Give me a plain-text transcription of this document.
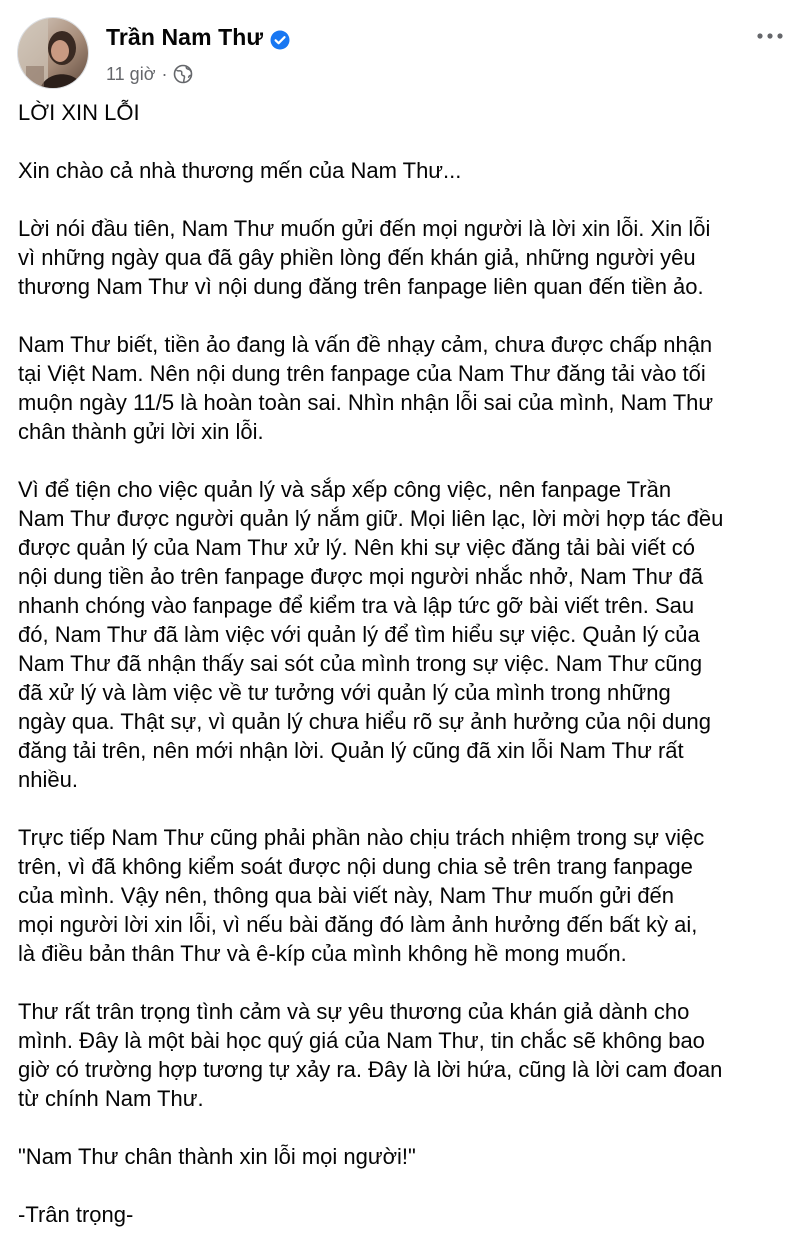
Trần Nam Thư
11 giờ ·

LỜI XIN LỖI

Xin chào cả nhà thương mến của Nam Thư...

Lời nói đầu tiên, Nam Thư muốn gửi đến mọi người là lời xin lỗi. Xin lỗi
vì những ngày qua đã gây phiền lòng đến khán giả, những người yêu
thương Nam Thư vì nội dung đăng trên fanpage liên quan đến tiền ảo.

Nam Thư biết, tiền ảo đang là vấn đề nhạy cảm, chưa được chấp nhận
tại Việt Nam. Nên nội dung trên fanpage của Nam Thư đăng tải vào tối
muộn ngày 11/5 là hoàn toàn sai. Nhìn nhận lỗi sai của mình, Nam Thư
chân thành gửi lời xin lỗi.

Vì để tiện cho việc quản lý và sắp xếp công việc, nên fanpage Trần
Nam Thư được người quản lý nắm giữ. Mọi liên lạc, lời mời hợp tác đều
được quản lý của Nam Thư xử lý. Nên khi sự việc đăng tải bài viết có
nội dung tiền ảo trên fanpage được mọi người nhắc nhở, Nam Thư đã
nhanh chóng vào fanpage để kiểm tra và lập tức gỡ bài viết trên. Sau
đó, Nam Thư đã làm việc với quản lý để tìm hiểu sự việc. Quản lý của
Nam Thư đã nhận thấy sai sót của mình trong sự việc. Nam Thư cũng
đã xử lý và làm việc về tư tưởng với quản lý của mình trong những
ngày qua. Thật sự, vì quản lý chưa hiểu rõ sự ảnh hưởng của nội dung
đăng tải trên, nên mới nhận lời. Quản lý cũng đã xin lỗi Nam Thư rất
nhiều.

Trực tiếp Nam Thư cũng phải phần nào chịu trách nhiệm trong sự việc
trên, vì đã không kiểm soát được nội dung chia sẻ trên trang fanpage
của mình. Vậy nên, thông qua bài viết này, Nam Thư muốn gửi đến
mọi người lời xin lỗi, vì nếu bài đăng đó làm ảnh hưởng đến bất kỳ ai,
là điều bản thân Thư và ê-kíp của mình không hề mong muốn.

Thư rất trân trọng tình cảm và sự yêu thương của khán giả dành cho
mình. Đây là một bài học quý giá của Nam Thư, tin chắc sẽ không bao
giờ có trường hợp tương tự xảy ra. Đây là lời hứa, cũng là lời cam đoan
từ chính Nam Thư.

"Nam Thư chân thành xin lỗi mọi người!"

-Trân trọng-
